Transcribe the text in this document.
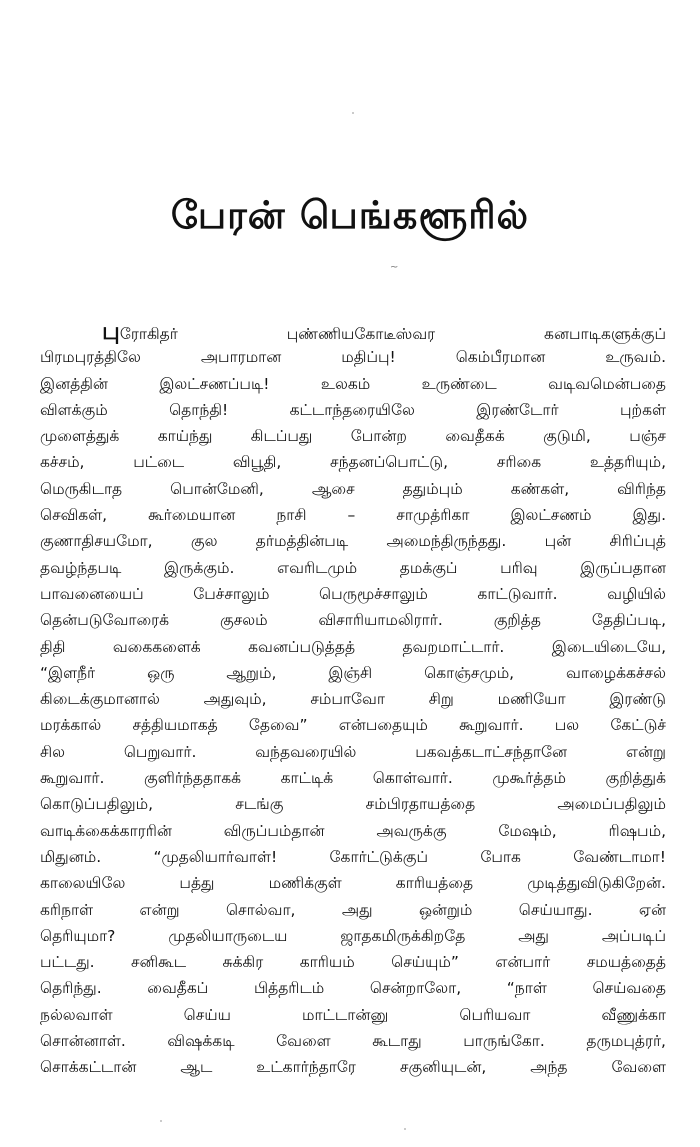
பேரன் பெங்களூரில்
~
புரோகிதர் புண்ணியகோடீஸ்வர கனபாடிகளுக்குப்
பிரமபுரத்திலே அபாரமான மதிப்பு! கெம்பீரமான உருவம்.
இனத்தின் இலட்சணப்படி! உலகம் உருண்டை வடிவமென்பதை
விளக்கும் தொந்தி! கட்டாந்தரையிலே இரண்டோர் புற்கள்
முளைத்துக் காய்ந்து கிடப்பது போன்ற வைதீகக் குடுமி, பஞ்ச
கச்சம், பட்டை விபூதி, சந்தனப்பொட்டு, சரிகை உத்தரியும்,
மெருகிடாத பொன்மேனி, ஆசை ததும்பும் கண்கள், விரிந்த
செவிகள், கூர்மையான நாசி – சாமுத்ரிகா இலட்சணம் இது.
குணாதிசயமோ, குல தர்மத்தின்படி அமைந்திருந்தது. புன் சிரிப்புத்
தவழ்ந்தபடி இருக்கும். எவரிடமும் தமக்குப் பரிவு இருப்பதான
பாவனையைப் பேச்சாலும் பெருமூச்சாலும் காட்டுவார். வழியில்
தென்படுவோரைக் குசலம் விசாரியாமலிரார். குறித்த தேதிப்படி,
திதி வகைகளைக் கவனப்படுத்தத் தவறமாட்டார். இடையிடையே,
“இளநீர் ஒரு ஆறும், இஞ்சி கொஞ்சமும், வாழைக்கச்சல்
கிடைக்குமானால் அதுவும், சம்பாவோ சிறு மணியோ இரண்டு
மரக்கால் சத்தியமாகத் தேவை” என்பதையும் கூறுவார். பல கேட்டுச்
சில பெறுவார். வந்தவரையில் பகவத்கடாட்சந்தானே என்று
கூறுவார். குளிர்ந்ததாகக் காட்டிக் கொள்வார். முகூர்த்தம் குறித்துக்
கொடுப்பதிலும், சடங்கு சம்பிரதாயத்தை அமைப்பதிலும்
வாடிக்கைக்காரரின் விருப்பம்தான் அவருக்கு மேஷம், ரிஷபம்,
மிதுனம். “முதலியார்வாள்! கோர்ட்டுக்குப் போக வேண்டாமா!
காலையிலே பத்து மணிக்குள் காரியத்தை முடித்துவிடுகிறேன்.
கரிநாள் என்று சொல்வா, அது ஒன்றும் செய்யாது. ஏன்
தெரியுமா? முதலியாருடைய ஜாதகமிருக்கிறதே அது அப்படிப்
பட்டது. சனிகூட சுக்கிர காரியம் செய்யும்” என்பார் சமயத்தைத்
தெரிந்து. வைதீகப் பித்தரிடம் சென்றாலோ, “நாள் செய்வதை
நல்லவாள் செய்ய மாட்டான்னு பெரியவா வீணுக்கா
சொன்னாள். விஷக்கடி வேளை கூடாது பாருங்கோ. தருமபுத்ரர்,
சொக்கட்டான் ஆட உட்கார்ந்தாரே சகுனியுடன், அந்த வேளை
